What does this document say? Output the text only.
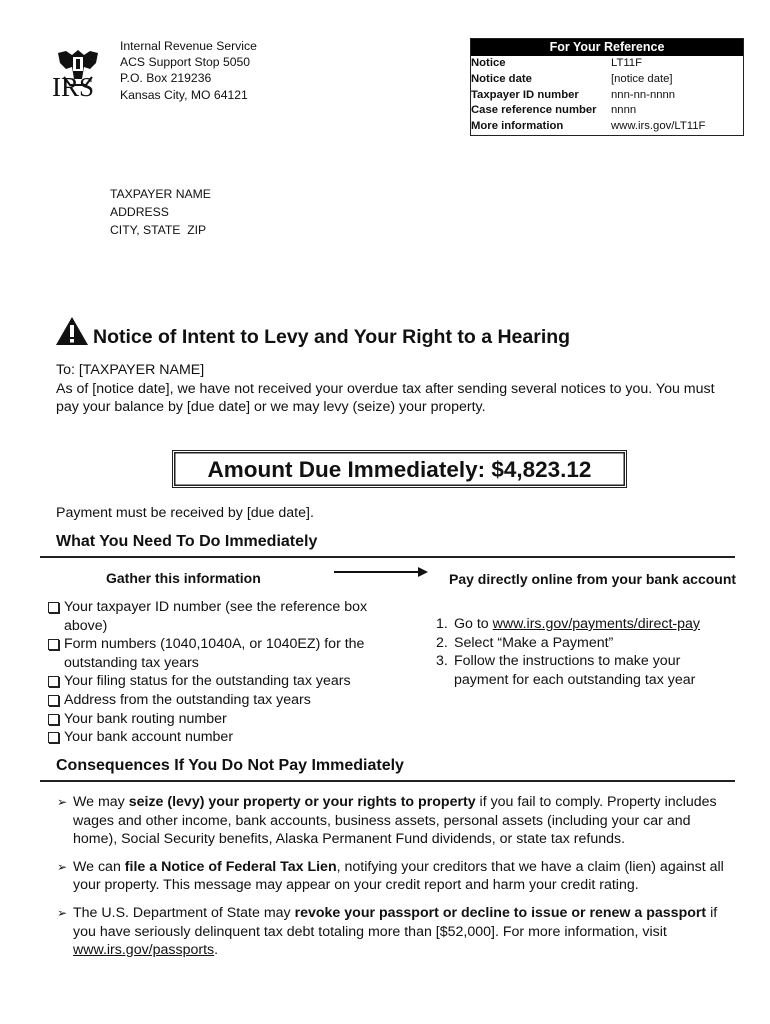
IRS
Internal Revenue Service
ACS Support Stop 5050
P.O. Box 219236
Kansas City, MO 64121
For Your Reference
Notice	LT11F
Notice date	[notice date]
Taxpayer ID number	nnn-nn-nnnn
Case reference number	nnnn
More information	www.irs.gov/LT11F
TAXPAYER NAME
ADDRESS
CITY, STATE  ZIP
Notice of Intent to Levy and Your Right to a Hearing
To: [TAXPAYER NAME]
As of [notice date], we have not received your overdue tax after sending several notices to you. You must pay your balance by [due date] or we may levy (seize) your property.
Amount Due Immediately: $4,823.12
Payment must be received by [due date].
What You Need To Do Immediately
Gather this information
Your taxpayer ID number (see the reference box above)
Form numbers (1040,1040A, or 1040EZ) for the outstanding tax years
Your filing status for the outstanding tax years
Address from the outstanding tax years
Your bank routing number
Your bank account number
Pay directly online from your bank account
1. Go to www.irs.gov/payments/direct-pay
2. Select “Make a Payment”
3. Follow the instructions to make your payment for each outstanding tax year
Consequences If You Do Not Pay Immediately
➢ We may seize (levy) your property or your rights to property if you fail to comply. Property includes wages and other income, bank accounts, business assets, personal assets (including your car and home), Social Security benefits, Alaska Permanent Fund dividends, or state tax refunds.
➢ We can file a Notice of Federal Tax Lien, notifying your creditors that we have a claim (lien) against all your property. This message may appear on your credit report and harm your credit rating.
➢ The U.S. Department of State may revoke your passport or decline to issue or renew a passport if you have seriously delinquent tax debt totaling more than [$52,000]. For more information, visit www.irs.gov/passports.
